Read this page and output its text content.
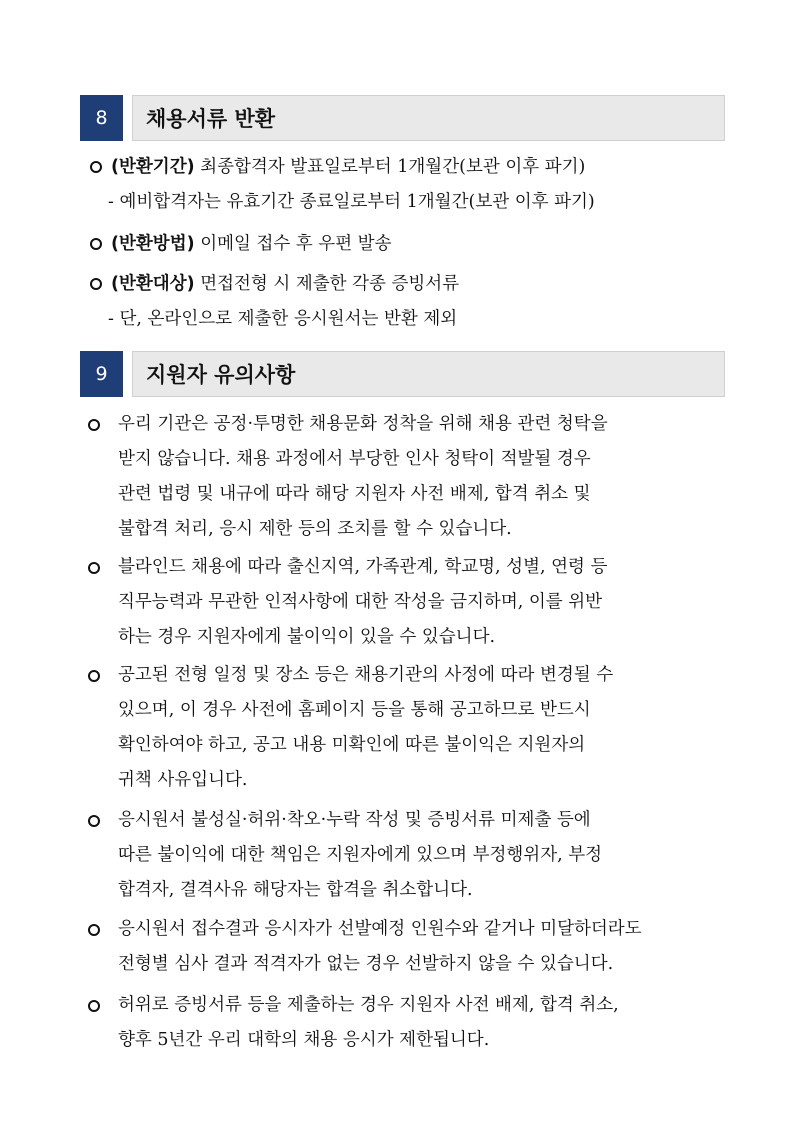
8	채용서류 반환
(반환기간) 최종합격자 발표일로부터 1개월간(보관 이후 파기)
- 예비합격자는 유효기간 종료일로부터 1개월간(보관 이후 파기)
(반환방법) 이메일 접수 후 우편 발송
(반환대상) 면접전형 시 제출한 각종 증빙서류
- 단, 온라인으로 제출한 응시원서는 반환 제외
9	지원자 유의사항
우리 기관은 공정·투명한 채용문화 정착을 위해 채용 관련 청탁을
받지 않습니다. 채용 과정에서 부당한 인사 청탁이 적발될 경우
관련 법령 및 내규에 따라 해당 지원자 사전 배제, 합격 취소 및
불합격 처리, 응시 제한 등의 조치를 할 수 있습니다.
블라인드 채용에 따라 출신지역, 가족관계, 학교명, 성별, 연령 등
직무능력과 무관한 인적사항에 대한 작성을 금지하며, 이를 위반
하는 경우 지원자에게 불이익이 있을 수 있습니다.
공고된 전형 일정 및 장소 등은 채용기관의 사정에 따라 변경될 수
있으며, 이 경우 사전에 홈페이지 등을 통해 공고하므로 반드시
확인하여야 하고, 공고 내용 미확인에 따른 불이익은 지원자의
귀책 사유입니다.
응시원서 불성실·허위·착오·누락 작성 및 증빙서류 미제출 등에
따른 불이익에 대한 책임은 지원자에게 있으며 부정행위자, 부정
합격자, 결격사유 해당자는 합격을 취소합니다.
응시원서 접수결과 응시자가 선발예정 인원수와 같거나 미달하더라도
전형별 심사 결과 적격자가 없는 경우 선발하지 않을 수 있습니다.
허위로 증빙서류 등을 제출하는 경우 지원자 사전 배제, 합격 취소,
향후 5년간 우리 대학의 채용 응시가 제한됩니다.
